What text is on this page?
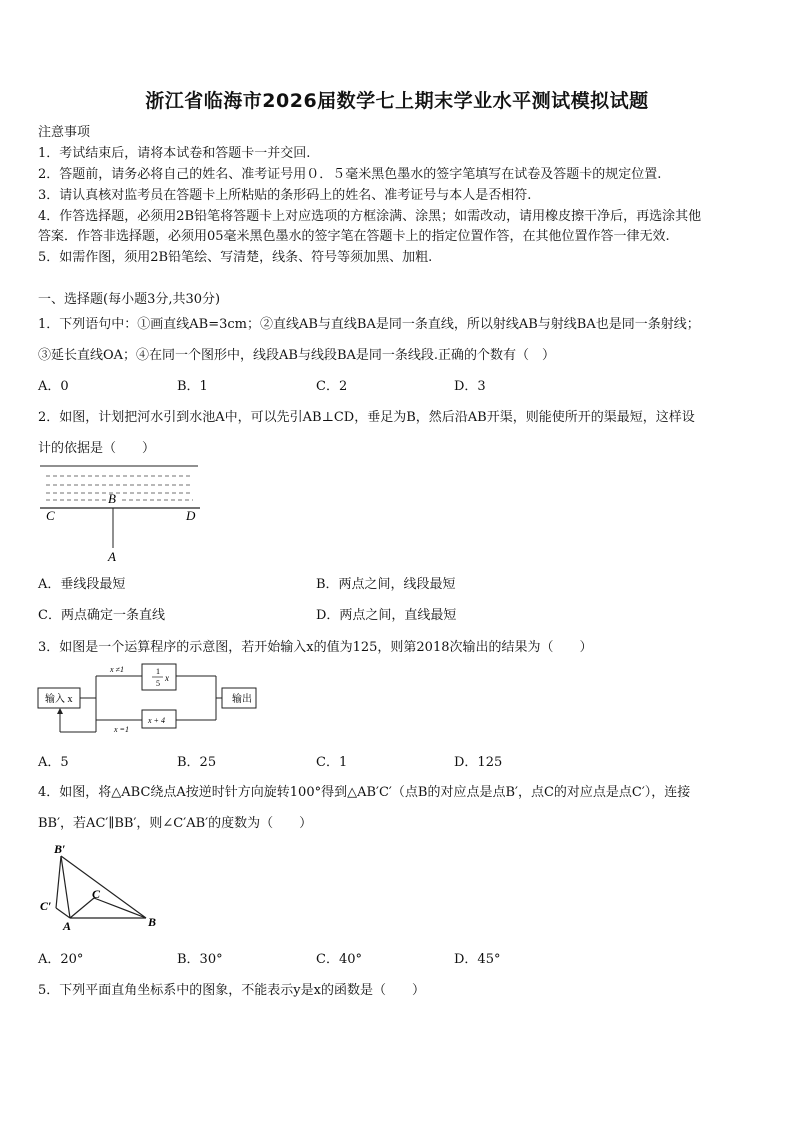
浙江省临海市2026届数学七上期末学业水平测试模拟试题
注意事项
1．考试结束后，请将本试卷和答题卡一并交回.
2．答题前，请务必将自己的姓名、准考证号用０．５毫米黑色墨水的签字笔填写在试卷及答题卡的规定位置.
3．请认真核对监考员在答题卡上所粘贴的条形码上的姓名、准考证号与本人是否相符.
4．作答选择题，必须用2B铅笔将答题卡上对应选项的方框涂满、涂黑；如需改动，请用橡皮擦干净后，再选涂其他
答案．作答非选择题，必须用05毫米黑色墨水的签字笔在答题卡上的指定位置作答，在其他位置作答一律无效.
5．如需作图，须用2B铅笔绘、写清楚，线条、符号等须加黑、加粗.
一、选择题(每小题3分,共30分)
1．下列语句中：①画直线AB=3cm；②直线AB与直线BA是同一条直线，所以射线AB与射线BA也是同一条射线；
③延长直线OA；④在同一个图形中，线段AB与线段BA是同一条线段.正确的个数有（　）
A．0	B．1	C．2	D．3
2．如图，计划把河水引到水池A中，可以先引AB⊥CD，垂足为B，然后沿AB开渠，则能使所开的渠最短，这样设
计的依据是（　　）
B
C	D
A
A．垂线段最短	B．两点之间，线段最短
C．两点确定一条直线	D．两点之间，直线最短
3．如图是一个运算程序的示意图，若开始输入x的值为125，则第2018次输出的结果为（　　）
输入 x
1
5
x
输出
x + 4
x ≠1
x =1
A．5	B．25	C．1	D．125
4．如图，将△ABC绕点A按逆时针方向旋转100°得到△AB′C′（点B的对应点是点B′，点C的对应点是点C′），连接
BB′，若AC′∥BB′，则∠C′AB′的度数为（　　）
B′
C′
C
A	B
A．20°	B．30°	C．40°	D．45°
5．下列平面直角坐标系中的图象，不能表示y是x的函数是（　　）
